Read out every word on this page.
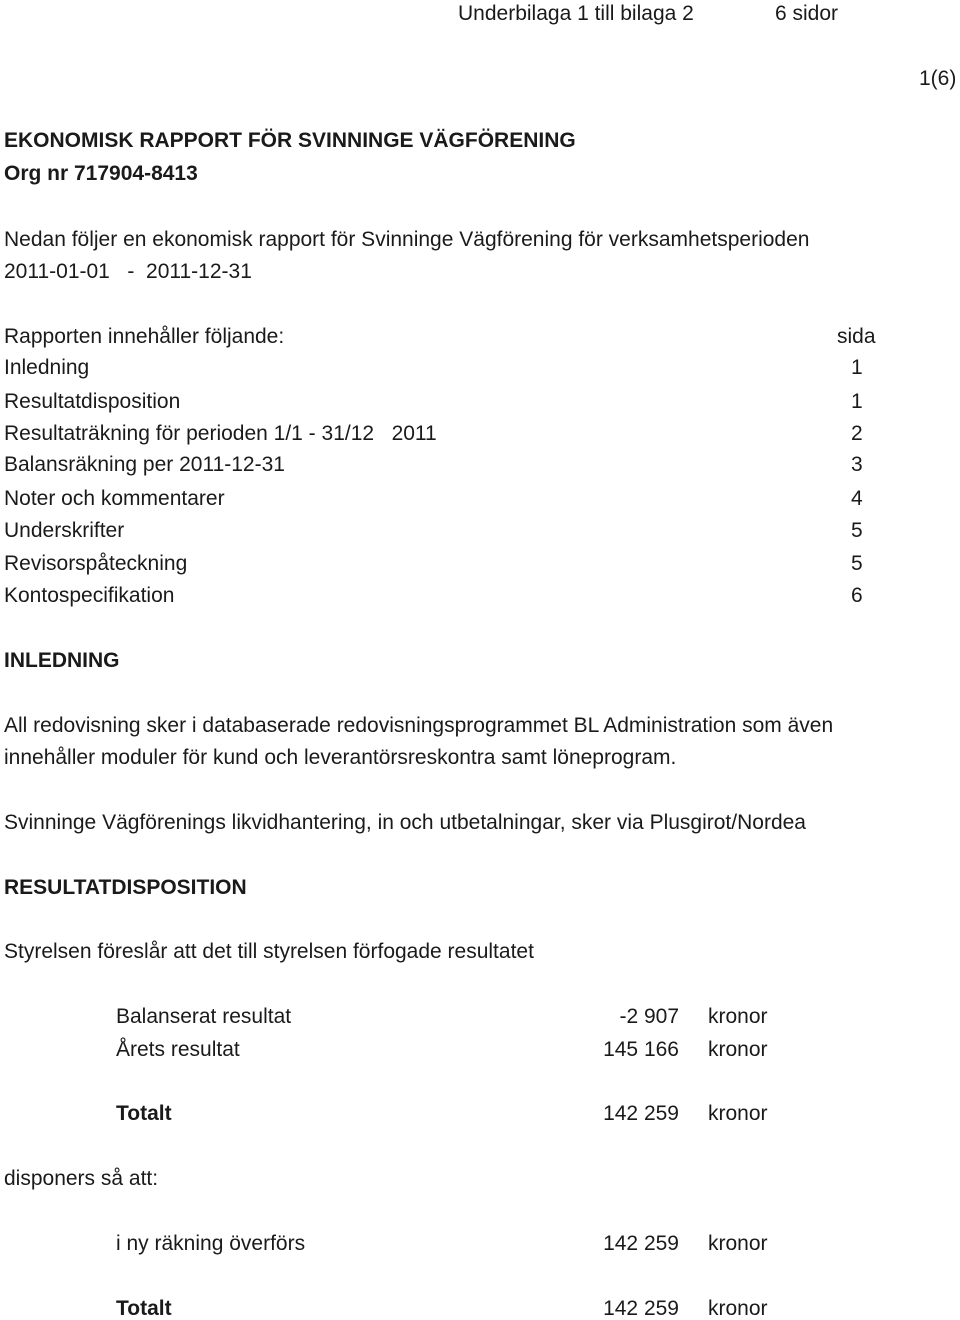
Underbilaga 1 till bilaga 2	6 sidor
1(6)
EKONOMISK RAPPORT FÖR SVINNINGE VÄGFÖRENING
Org nr 717904-8413
Nedan följer en ekonomisk rapport för Svinninge Vägförening för verksamhetsperioden
2011-01-01   -  2011-12-31
Rapporten innehåller följande:	sida
Inledning	1
Resultatdisposition	1
Resultaträkning för perioden 1/1 - 31/12   2011	2
Balansräkning per 2011-12-31	3
Noter och kommentarer	4
Underskrifter	5
Revisorspåteckning	5
Kontospecifikation	6
INLEDNING
All redovisning sker i databaserade redovisningsprogrammet BL Administration som även
innehåller moduler för kund och leverantörsreskontra samt löneprogram.
Svinninge Vägförenings likvidhantering, in och utbetalningar, sker via Plusgirot/Nordea
RESULTATDISPOSITION
Styrelsen föreslår att det till styrelsen förfogade resultatet
Balanserat resultat	-2 907 kronor
Årets resultat	145 166 kronor
Totalt	142 259 kronor
disponers så att:
i ny räkning överförs	142 259 kronor
Totalt	142 259 kronor
